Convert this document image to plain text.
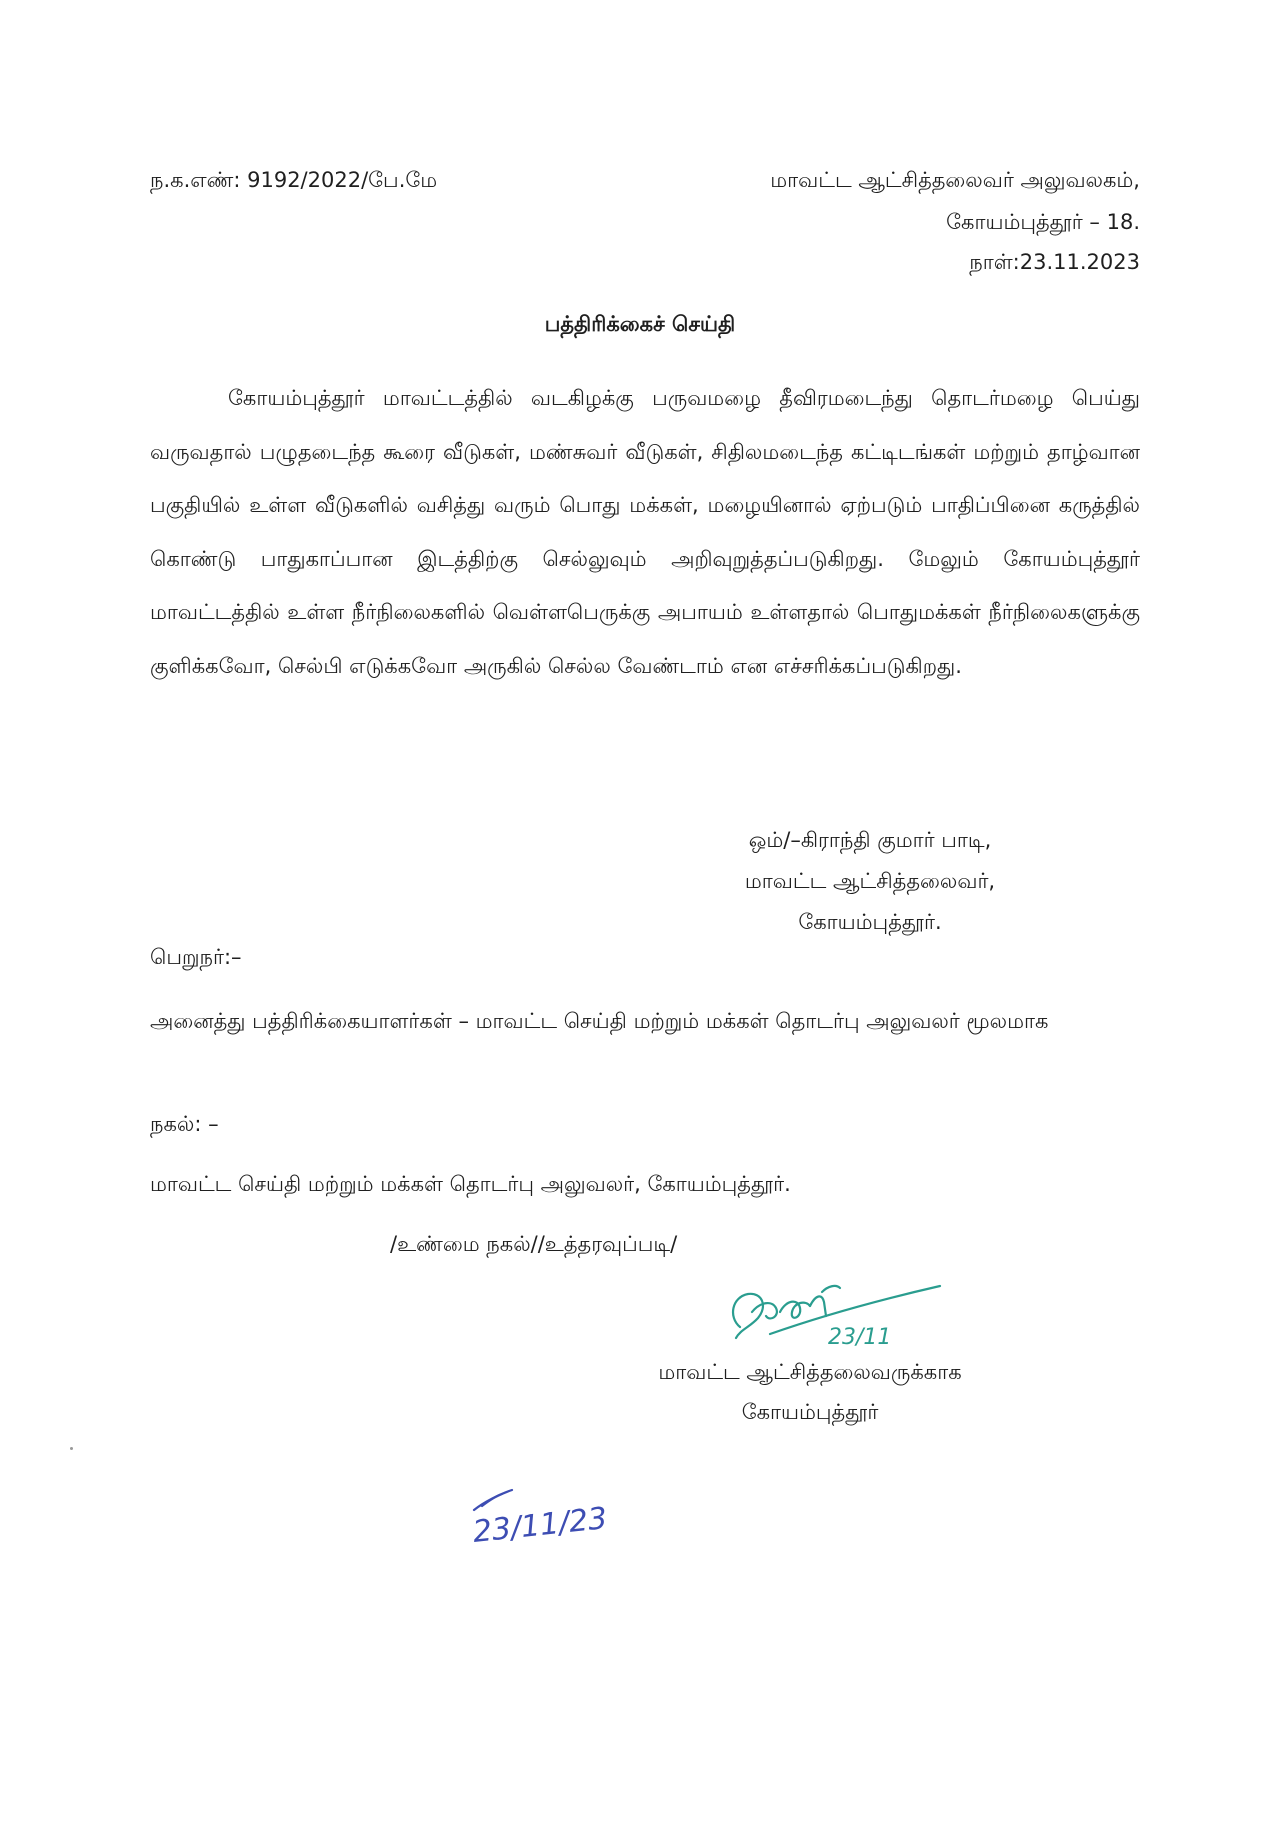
ந.க.எண்: 9192/2022/பே.மே	மாவட்ட ஆட்சித்தலைவர் அலுவலகம்,
கோயம்புத்தூர் – 18.
நாள்:23.11.2023
பத்திரிக்கைச் செய்தி
கோயம்புத்தூர் மாவட்டத்தில் வடகிழக்கு பருவமழை தீவிரமடைந்து தொடர்மழை பெய்து வருவதால் பழுதடைந்த கூரை வீடுகள், மண்சுவர் வீடுகள், சிதிலமடைந்த கட்டிடங்கள் மற்றும் தாழ்வான பகுதியில் உள்ள வீடுகளில் வசித்து வரும் பொது மக்கள், மழையினால் ஏற்படும் பாதிப்பினை கருத்தில் கொண்டு பாதுகாப்பான இடத்திற்கு செல்லுவும் அறிவுறுத்தப்படுகிறது. மேலும் கோயம்புத்தூர் மாவட்டத்தில் உள்ள நீர்நிலைகளில் வெள்ளபெருக்கு அபாயம் உள்ளதால் பொதுமக்கள் நீர்நிலைகளுக்கு குளிக்கவோ, செல்பி எடுக்கவோ அருகில் செல்ல வேண்டாம் என எச்சரிக்கப்படுகிறது.
ஒம்/–கிராந்தி குமார் பாடி,
மாவட்ட ஆட்சித்தலைவர்,
கோயம்புத்தூர்.
பெறுநர்:–
அனைத்து பத்திரிக்கையாளர்கள் – மாவட்ட செய்தி மற்றும் மக்கள் தொடர்பு அலுவலர் மூலமாக
நகல்: –
மாவட்ட செய்தி மற்றும் மக்கள் தொடர்பு அலுவலர், கோயம்புத்தூர்.
/உண்மை நகல்//உத்தரவுப்படி/
23/11
மாவட்ட ஆட்சித்தலைவருக்காக
கோயம்புத்தூர்
23/11/23
